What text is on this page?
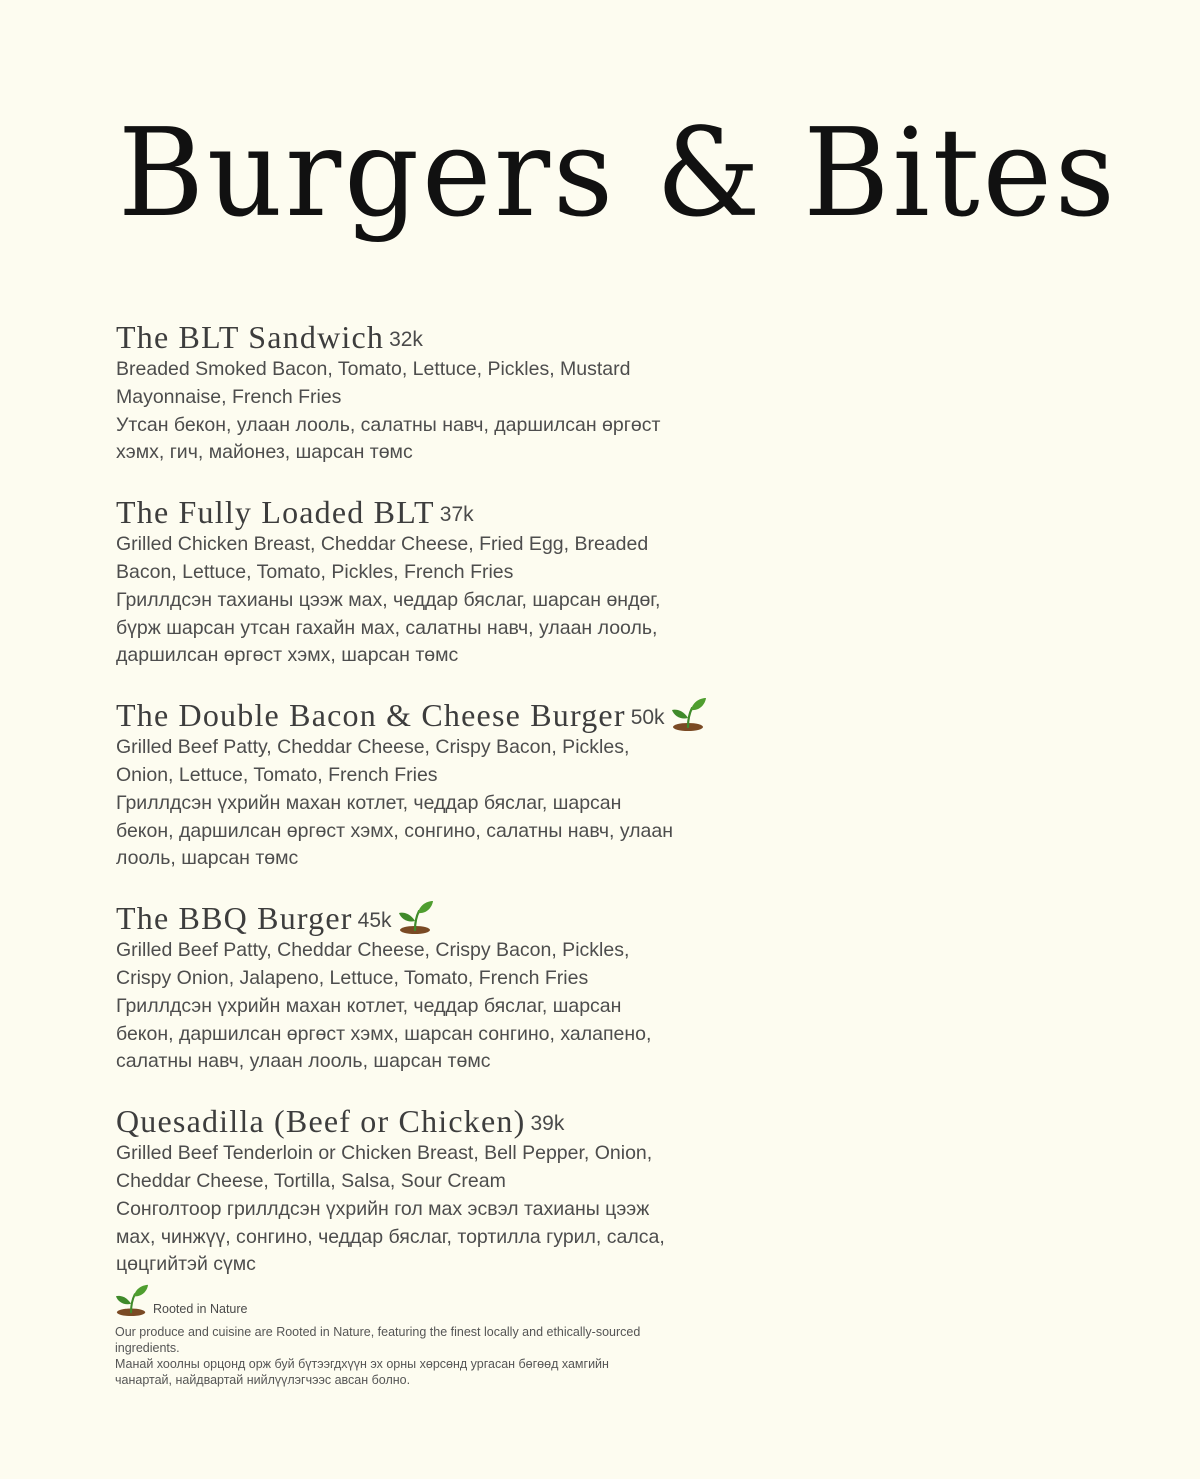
Burgers & Bites
The BLT Sandwich 32k

Breaded Smoked Bacon, Tomato, Lettuce, Pickles, Mustard Mayonnaise, French Fries

Утсан бекон, улаан лооль, салатны навч, даршилсан өргөст хэмх, гич, майонез, шарсан төмс

The Fully Loaded BLT 37k

Grilled Chicken Breast, Cheddar Cheese, Fried Egg, Breaded Bacon, Lettuce, Tomato, Pickles, French Fries

Гриллдсэн тахианы цээж мах, чеддар бяслаг, шарсан өндөг, бүрж шарсан утсан гахайн мах, салатны навч, улаан лооль, даршилсан өргөст хэмх, шарсан төмс

The Double Bacon & Cheese Burger 50k

Grilled Beef Patty, Cheddar Cheese, Crispy Bacon, Pickles, Onion, Lettuce, Tomato, French Fries

Гриллдсэн үхрийн махан котлет, чеддар бяслаг, шарсан бекон, даршилсан өргөст хэмх, сонгино, салатны навч, улаан лооль, шарсан төмс

The BBQ Burger 45k

Grilled Beef Patty, Cheddar Cheese, Crispy Bacon, Pickles, Crispy Onion, Jalapeno, Lettuce, Tomato, French Fries

Гриллдсэн үхрийн махан котлет, чеддар бяслаг, шарсан бекон, даршилсан өргөст хэмх, шарсан сонгино, халапено, салатны навч, улаан лооль, шарсан төмс

Quesadilla (Beef or Chicken) 39k

Grilled Beef Tenderloin or Chicken Breast, Bell Pepper, Onion, Cheddar Cheese, Tortilla, Salsa, Sour Cream

Сонголтоор гриллдсэн үхрийн гол мах эсвэл тахианы цээж мах, чинжүү, сонгино, чеддар бяслаг, тортилла гурил, салса, цөцгийтэй сүмс

Rooted in Nature

Our produce and cuisine are Rooted in Nature, featuring the finest locally and ethically-sourced ingredients.

Манай хоолны орцонд орж буй бүтээгдхүүн эх орны хөрсөнд ургасан бөгөөд хамгийн чанартай, найдвартай нийлүүлэгчээс авсан болно.
